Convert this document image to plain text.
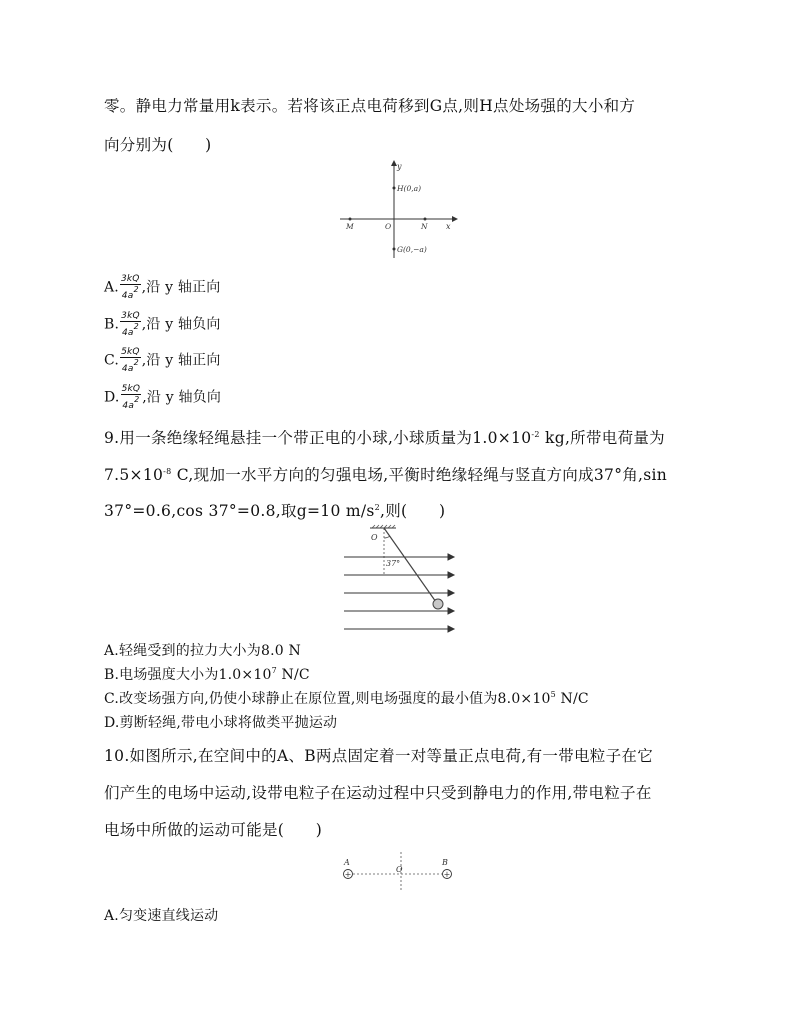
零。静电力常量用k表示。若将该正点电荷移到G点,则H点处场强的大小和方
向分别为(　　)
y
x
H(0,a)
M	O	N
G(0,−a)
A. $\frac{3kQ}{4a^2}$ ,沿 y 轴正向
B. $\frac{3kQ}{4a^2}$ ,沿 y 轴负向
C. $\frac{5kQ}{4a^2}$ ,沿 y 轴正向
D. $\frac{5kQ}{4a^2}$ ,沿 y 轴负向
9.用一条绝缘轻绳悬挂一个带正电的小球,小球质量为$1.0\times 10^{-2}$ kg,所带电荷量为
$7.5\times 10^{-8}$ C,现加一水平方向的匀强电场,平衡时绝缘轻绳与竖直方向成37°角,sin
37°=0.6,cos 37°=0.8,取g=10 $m/s^2$,则(　　)
O
37°
A.轻绳受到的拉力大小为8.0 N
B.电场强度大小为$1.0\times 10^7$ N/C
C.改变场强方向,仍使小球静止在原位置,则电场强度的最小值为$8.0\times 10^5$ N/C
D.剪断轻绳,带电小球将做类平抛运动
10.如图所示,在空间中的A、B两点固定着一对等量正点电荷,有一带电粒子在它
们产生的电场中运动,设带电粒子在运动过程中只受到静电力的作用,带电粒子在
电场中所做的运动可能是(　　)
A
+
O
B
+
A.匀变速直线运动
